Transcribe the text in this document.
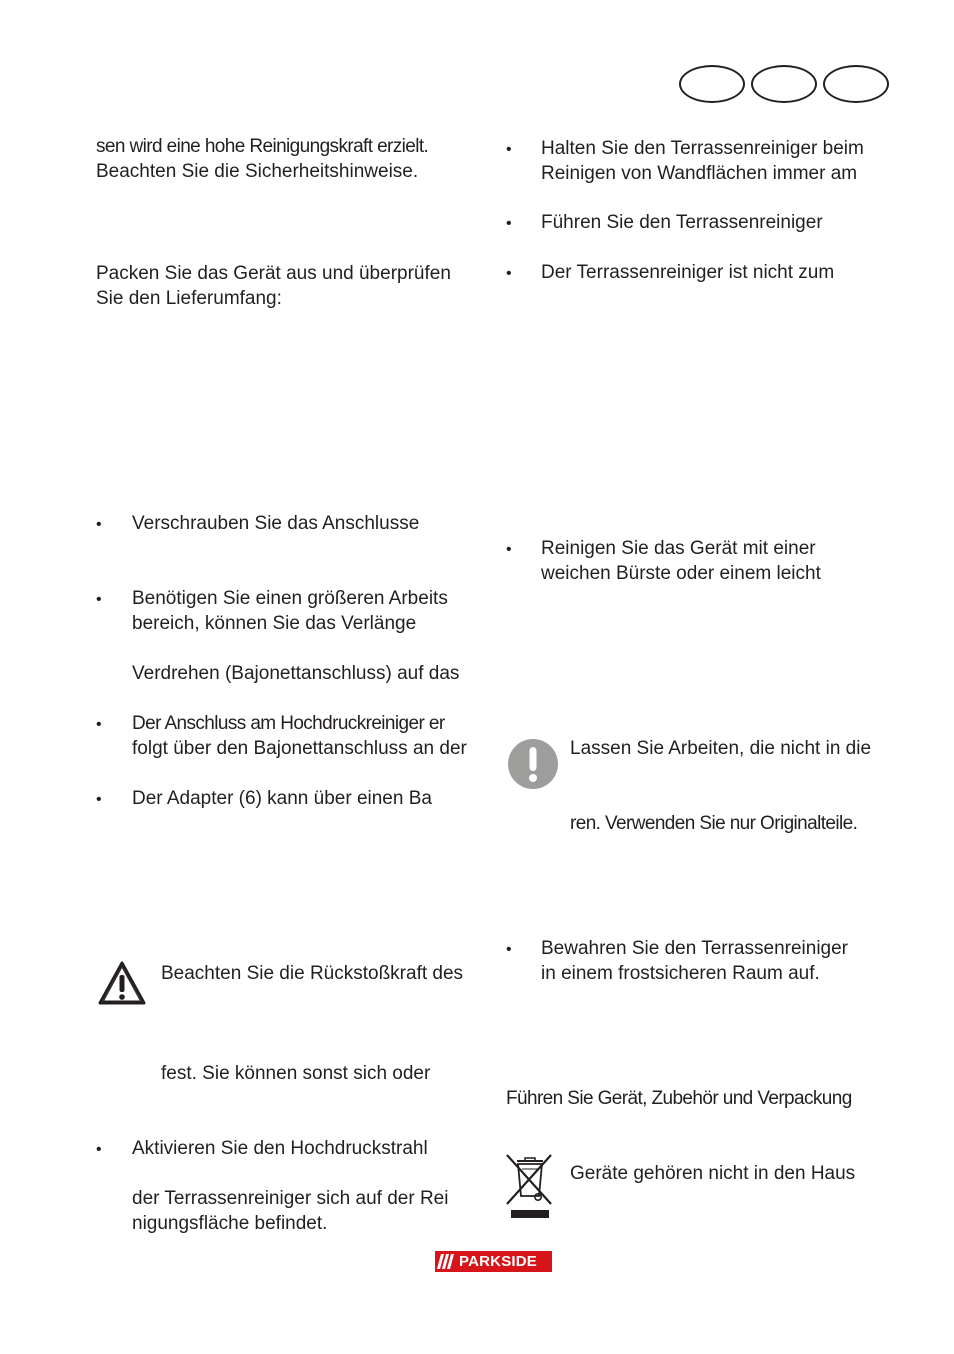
sen wird eine hohe Reinigungskraft erzielt.
Beachten Sie die Sicherheitshinweise.
Packen Sie das Gerät aus und überprüfen
Sie den Lieferumfang:
• Verschrauben Sie das Anschlusse
• Benötigen Sie einen größeren Arbeits
bereich, können Sie das Verlänge
Verdrehen (Bajonettanschluss) auf das
• Der Anschluss am Hochdruckreiniger er
folgt über den Bajonettanschluss an der
• Der Adapter (6) kann über einen Ba
Beachten Sie die Rückstoßkraft des
fest. Sie können sonst sich oder
• Aktivieren Sie den Hochdruckstrahl
der Terrassenreiniger sich auf der Rei
nigungsfläche befindet.
• Halten Sie den Terrassenreiniger beim
Reinigen von Wandflächen immer am
• Führen Sie den Terrassenreiniger
• Der Terrassenreiniger ist nicht zum
• Reinigen Sie das Gerät mit einer
weichen Bürste oder einem leicht
Lassen Sie Arbeiten, die nicht in die
ren. Verwenden Sie nur Originalteile.
• Bewahren Sie den Terrassenreiniger
in einem frostsicheren Raum auf.
Führen Sie Gerät, Zubehör und Verpackung
Geräte gehören nicht in den Haus
PARKSIDE
